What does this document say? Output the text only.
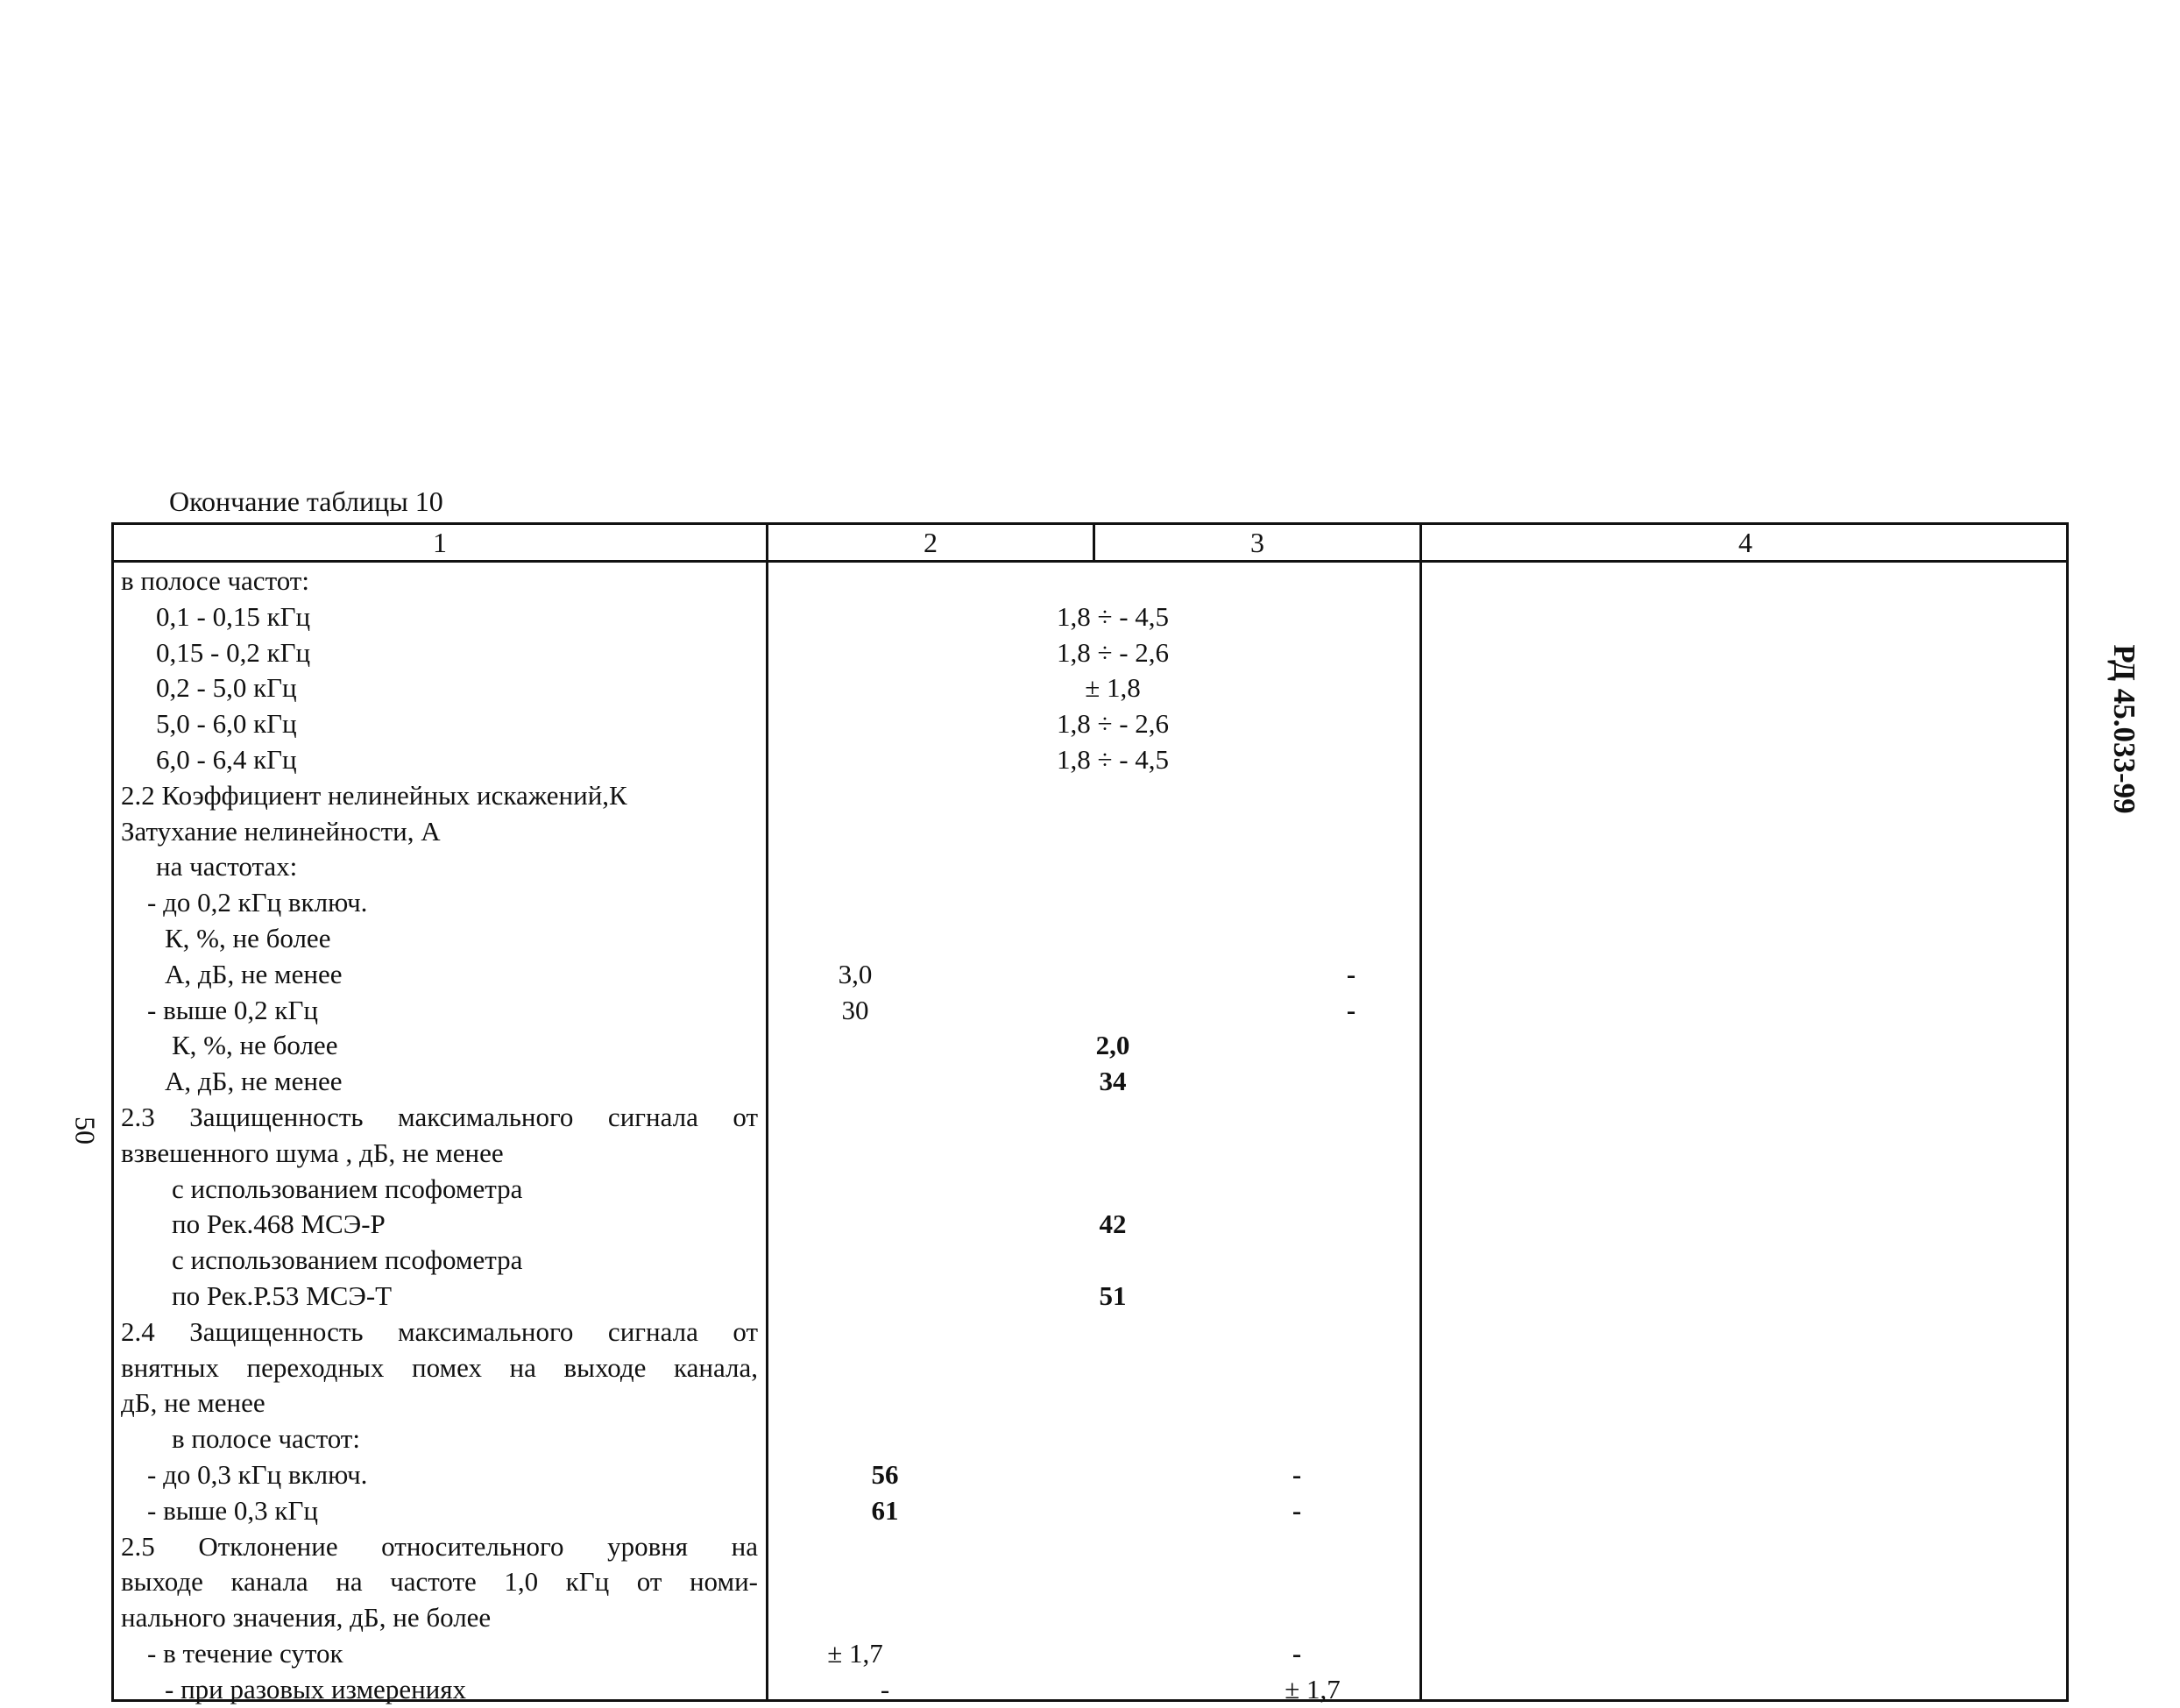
Окончание таблицы 10
РД 45.033-99
50
1	2	3	4
в полосе частот:
0,1 - 0,15 кГц	1,8 ÷ - 4,5
0,15 - 0,2 кГц	1,8 ÷ - 2,6
0,2 - 5,0 кГц	± 1,8
5,0 - 6,0 кГц	1,8 ÷ - 2,6
6,0 - 6,4 кГц	1,8 ÷ - 4,5
2.2 Коэффициент нелинейных искажений,К
Затухание нелинейности, А
на частотах:
- до 0,2 кГц включ.
К, %, не более
А, дБ, не менее	3,0	-
- выше 0,2 кГц	30	-
К, %, не более	2,0
А, дБ, не менее	34
2.3 Защищенность максимального сигнала от
взвешенного шума , дБ, не менее
с использованием псофометра
по Рек.468 МСЭ-Р	42
с использованием псофометра
по Рек.Р.53 МСЭ-Т	51
2.4 Защищенность максимального сигнала от
внятных переходных помех на выходе канала,
дБ, не менее
в полосе частот:
- до 0,3 кГц включ.	56	-
- выше 0,3 кГц	61	-
2.5 Отклонение относительного уровня на
выходе канала на частоте 1,0 кГц от номи-
нального значения, дБ, не более
- в течение суток	± 1,7	-
- при разовых измерениях	-	± 1,7
